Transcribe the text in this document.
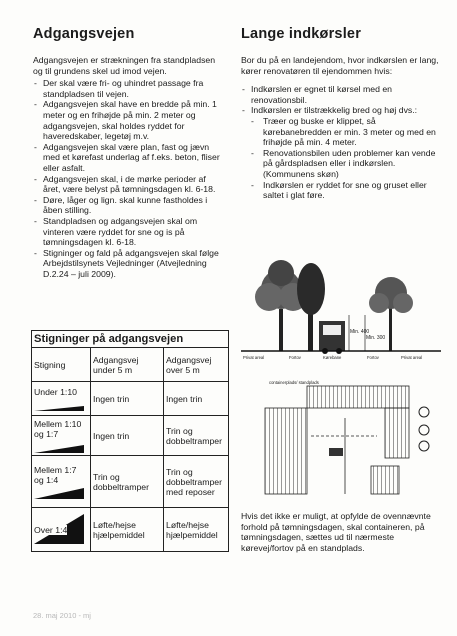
Adgangsvejen

Adgangsvejen er strækningen fra standpladsen og til grundens skel ud imod vejen.

- Der skal være fri- og uhindret passage fra standpladsen til vejen.
- Adgangsvejen skal have en bredde på min. 1 meter og en frihøjde på min. 2 meter og adgangsvejen, skal holdes ryddet for haveredskaber, legetøj m.v.
- Adgangsvejen skal være plan, fast og jævn med et kørefast underlag af f.eks. beton, fliser eller asfalt.
- Adgangsvejen skal, i de mørke perioder af året, være belyst på tømningsdagen kl. 6-18.
- Døre, låger og lign. skal kunne fastholdes i åben stilling.
- Standpladsen og adgangsvejen skal om vinteren være ryddet for sne og is på tømningsdagen kl. 6-18.
- Stigninger og fald på adgangsvejen skal følge Arbejdstilsynets Vejledninger (Atvejledning D.2.24 – juli 2009).
Stigninger på adgangsvejen		
Stigning	Adgangsvej under 5 m	Adgangsvej over 5 m
Under 1:10	Ingen trin	Ingen trin
Mellem 1:10 og 1:7	Ingen trin	Trin og dobbeltramper
Mellem 1:7 og 1:4	Trin og dobbeltramper	Trin og dobbeltramper med reposer

Over 1:4	Løfte/hejse hjælpemiddel	Løfte/hejse hjælpemiddel
28. maj 2010 - mj
Lange indkørsler

Bor du på en landejendom, hvor indkørslen er lang, kører renovatøren til ejendommen hvis:

- Indkørslen er egnet til kørsel med en renovationsbil.
- Indkørslen er tilstrækkelig bred og høj dvs.:
- Træer og buske er klippet, så kørebanebredden er min. 3 meter og med en frihøjde på min. 4 meter.
- Renovationsbilen uden problemer kan vende på gårdspladsen eller i indkørslen. (Kommunens skøn)
- Indkørslen er ryddet for sne og gruset eller saltet i glat føre.
Min. 400
Min. 300
Privat areal	Fortov	Kørebane	Fortov	Privat areal
containerplads/ standplads

Hvis det ikke er muligt, at opfylde de ovennævnte forhold på tømningsdagen, skal containeren, på tømningsdagen, sættes ud til nærmeste kørevej/fortov på en standplads.
